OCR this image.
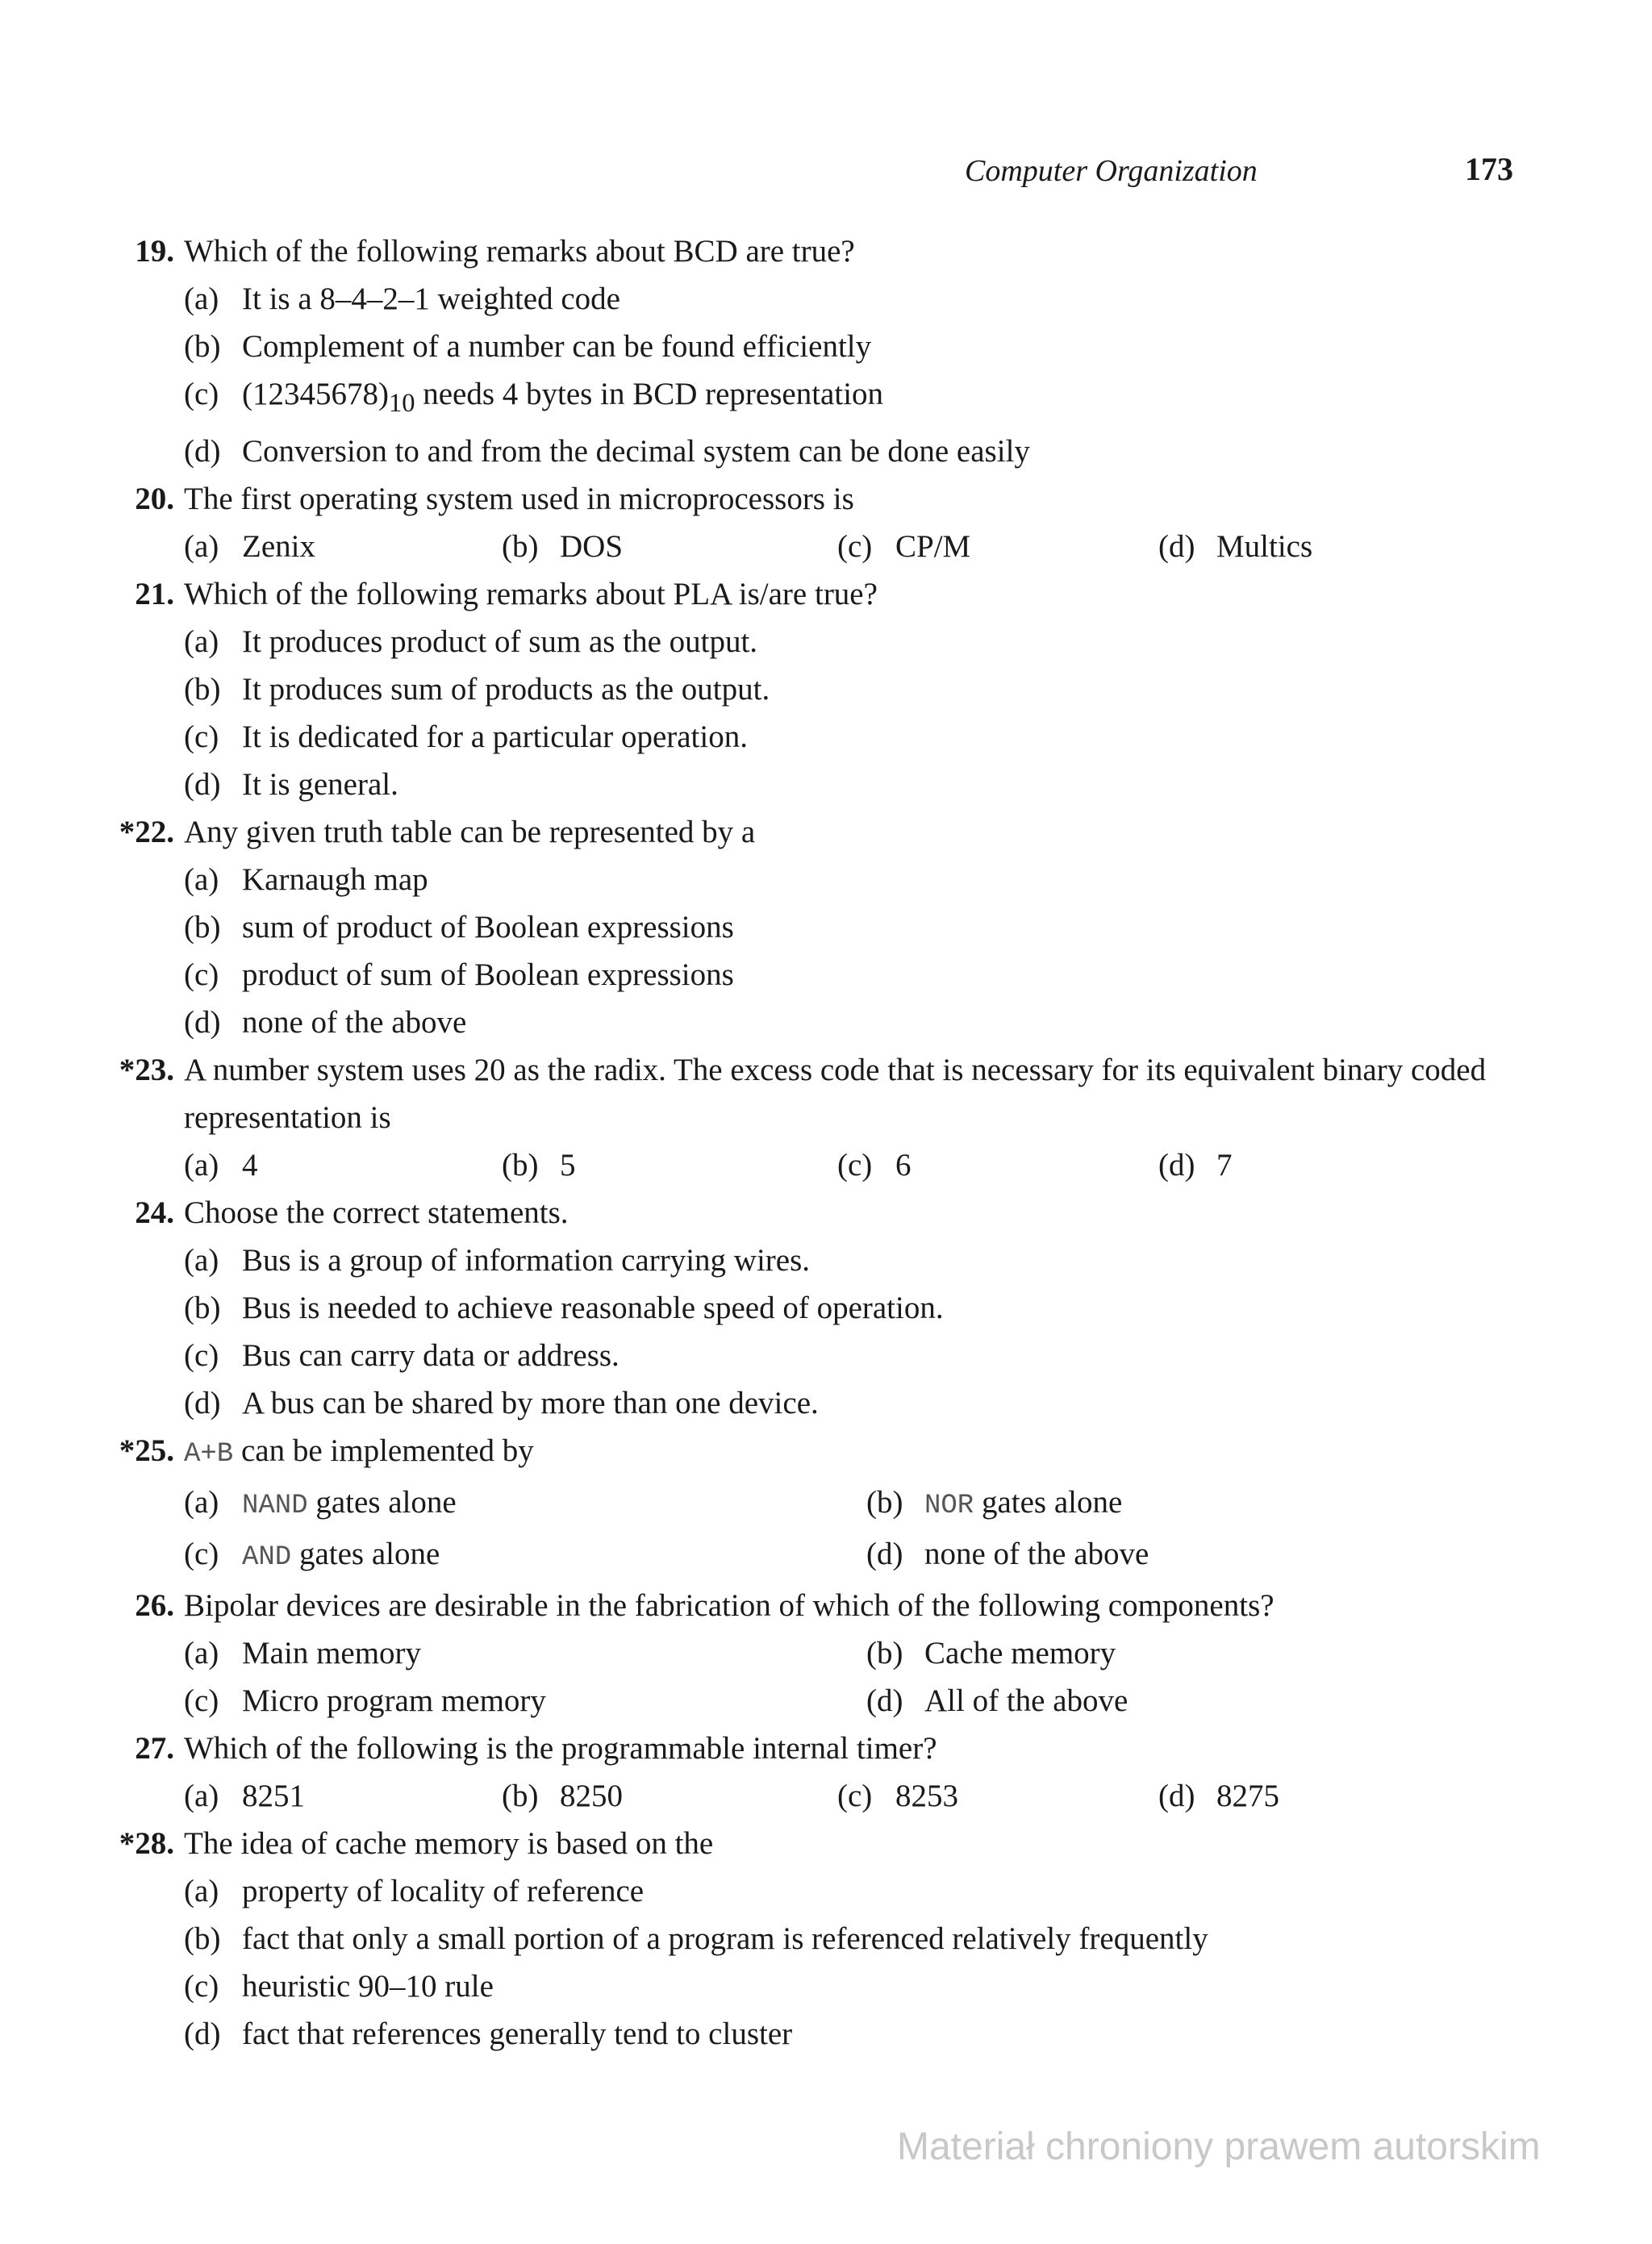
Computer Organization	173
19. Which of the following remarks about BCD are true?
(a) It is a 8–4–2–1 weighted code
(b) Complement of a number can be found efficiently
(c) $(12345678)_{10}$ needs 4 bytes in BCD representation
(d) Conversion to and from the decimal system can be done easily
20. The first operating system used in microprocessors is
(a) Zenix	(b) DOS	(c) CP/M	(d) Multics
21. Which of the following remarks about PLA is/are true?
(a) It produces product of sum as the output.
(b) It produces sum of products as the output.
(c) It is dedicated for a particular operation.
(d) It is general.
*22. Any given truth table can be represented by a
(a) Karnaugh map
(b) sum of product of Boolean expressions
(c) product of sum of Boolean expressions
(d) none of the above
*23. A number system uses 20 as the radix. The excess code that is necessary for its equivalent binary coded representation is
(a) 4	(b) 5	(c) 6	(d) 7
24. Choose the correct statements.
(a) Bus is a group of information carrying wires.
(b) Bus is needed to achieve reasonable speed of operation.
(c) Bus can carry data or address.
(d) A bus can be shared by more than one device.
*25. A+B can be implemented by
(a) NAND gates alone	(b) NOR gates alone
(c) AND gates alone	(d) none of the above
26. Bipolar devices are desirable in the fabrication of which of the following components?
(a) Main memory	(b) Cache memory
(c) Micro program memory	(d) All of the above
27. Which of the following is the programmable internal timer?
(a) 8251	(b) 8250	(c) 8253	(d) 8275
*28. The idea of cache memory is based on the
(a) property of locality of reference
(b) fact that only a small portion of a program is referenced relatively frequently
(c) heuristic 90–10 rule
(d) fact that references generally tend to cluster
Materiał chroniony prawem autorskim
